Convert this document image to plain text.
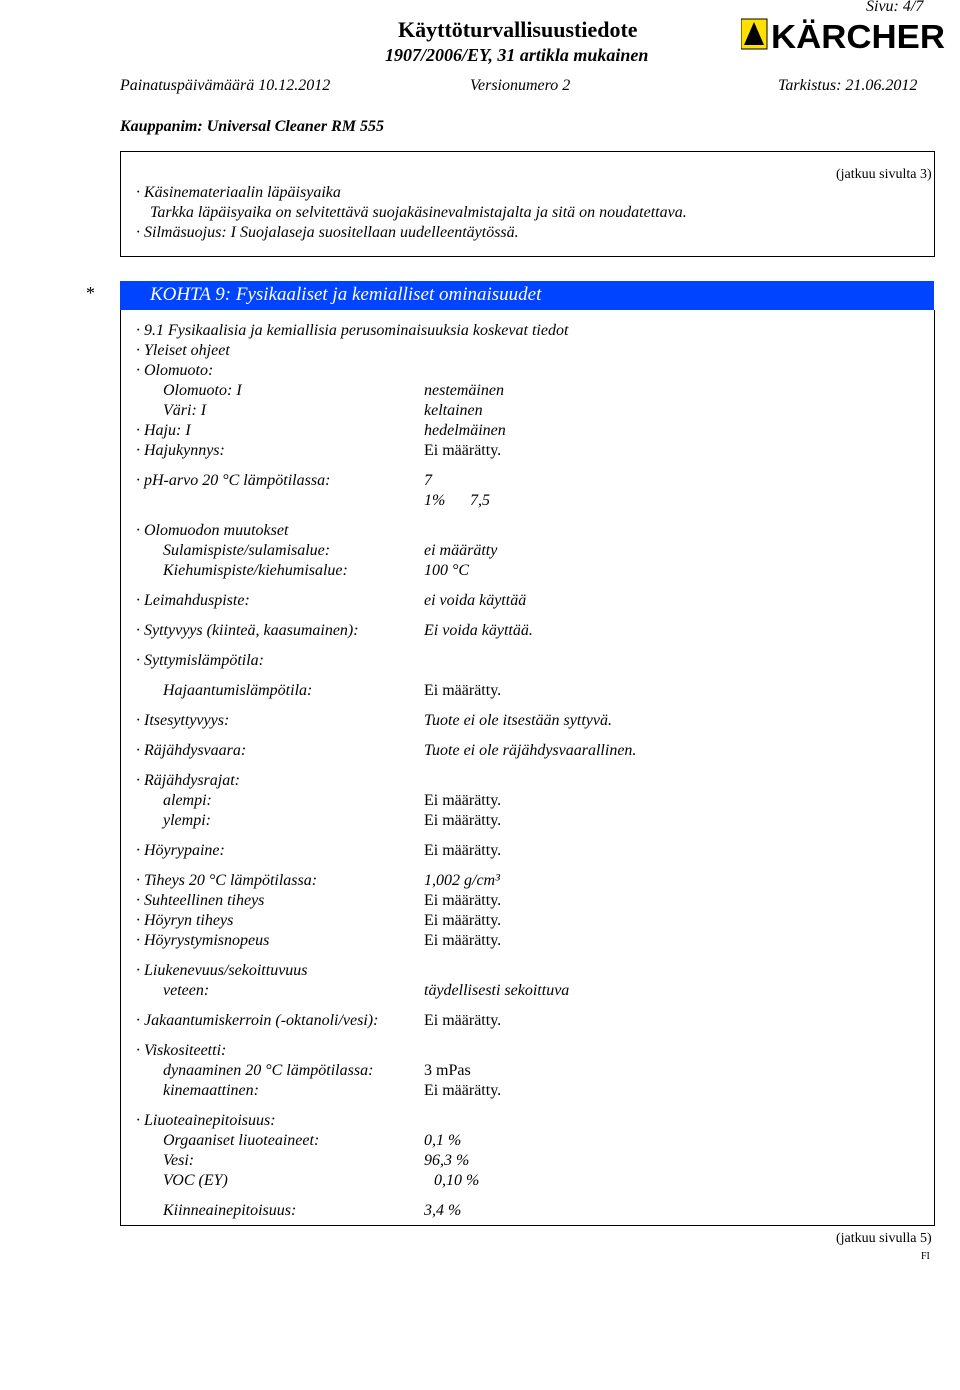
Sivu: 4/7
Käyttöturvallisuustiedote
1907/2006/EY, 31 artikla mukainen	KÄRCHER
Painatuspäivämäärä 10.12.2012	Versionumero 2	Tarkistus: 21.06.2012
Kauppanim: Universal Cleaner RM 555
(jatkuu sivulta 3)
· Käsinemateriaalin läpäisyaika
Tarkka läpäisyaika on selvitettävä suojakäsinevalmistajalta ja sitä on noudatettava.
· Silmäsuojus: I Suojalaseja suositellaan uudelleentäytössä.
*	KOHTA 9: Fysikaaliset ja kemialliset ominaisuudet
· 9.1 Fysikaalisia ja kemiallisia perusominaisuuksia koskevat tiedot
· Yleiset ohjeet
· Olomuoto:
Olomuoto: I	nestemäinen
Väri: I	keltainen
· Haju: I	hedelmäinen
· Hajukynnys:	Ei määrätty.
· pH-arvo 20 °C lämpötilassa:	7
1% 7,5
· Olomuodon muutokset
Sulamispiste/sulamisalue:	ei määrätty
Kiehumispiste/kiehumisalue:	100 °C
· Leimahduspiste:	ei voida käyttää
· Syttyvyys (kiinteä, kaasumainen):	Ei voida käyttää.
· Syttymislämpötila:
Hajaantumislämpötila:	Ei määrätty.
· Itsesyttyvyys:	Tuote ei ole itsestään syttyvä.
· Räjähdysvaara:	Tuote ei ole räjähdysvaarallinen.
· Räjähdysrajat:
alempi:	Ei määrätty.
ylempi:	Ei määrätty.
· Höyrypaine:	Ei määrätty.
· Tiheys 20 °C lämpötilassa:	1,002 g/cm³
· Suhteellinen tiheys	Ei määrätty.
· Höyryn tiheys	Ei määrätty.
· Höyrystymisnopeus	Ei määrätty.
· Liukenevuus/sekoittuvuus
veteen:	täydellisesti sekoittuva
· Jakaantumiskerroin (-oktanoli/vesi):	Ei määrätty.
· Viskositeetti:
dynaaminen 20 °C lämpötilassa:	3 mPas
kinemaattinen:	Ei määrätty.
· Liuoteainepitoisuus:
Orgaaniset liuoteaineet:	0,1 %
Vesi:	96,3 %
VOC (EY)	0,10 %
Kiinneainepitoisuus:	3,4 %
(jatkuu sivulla 5)
FI
